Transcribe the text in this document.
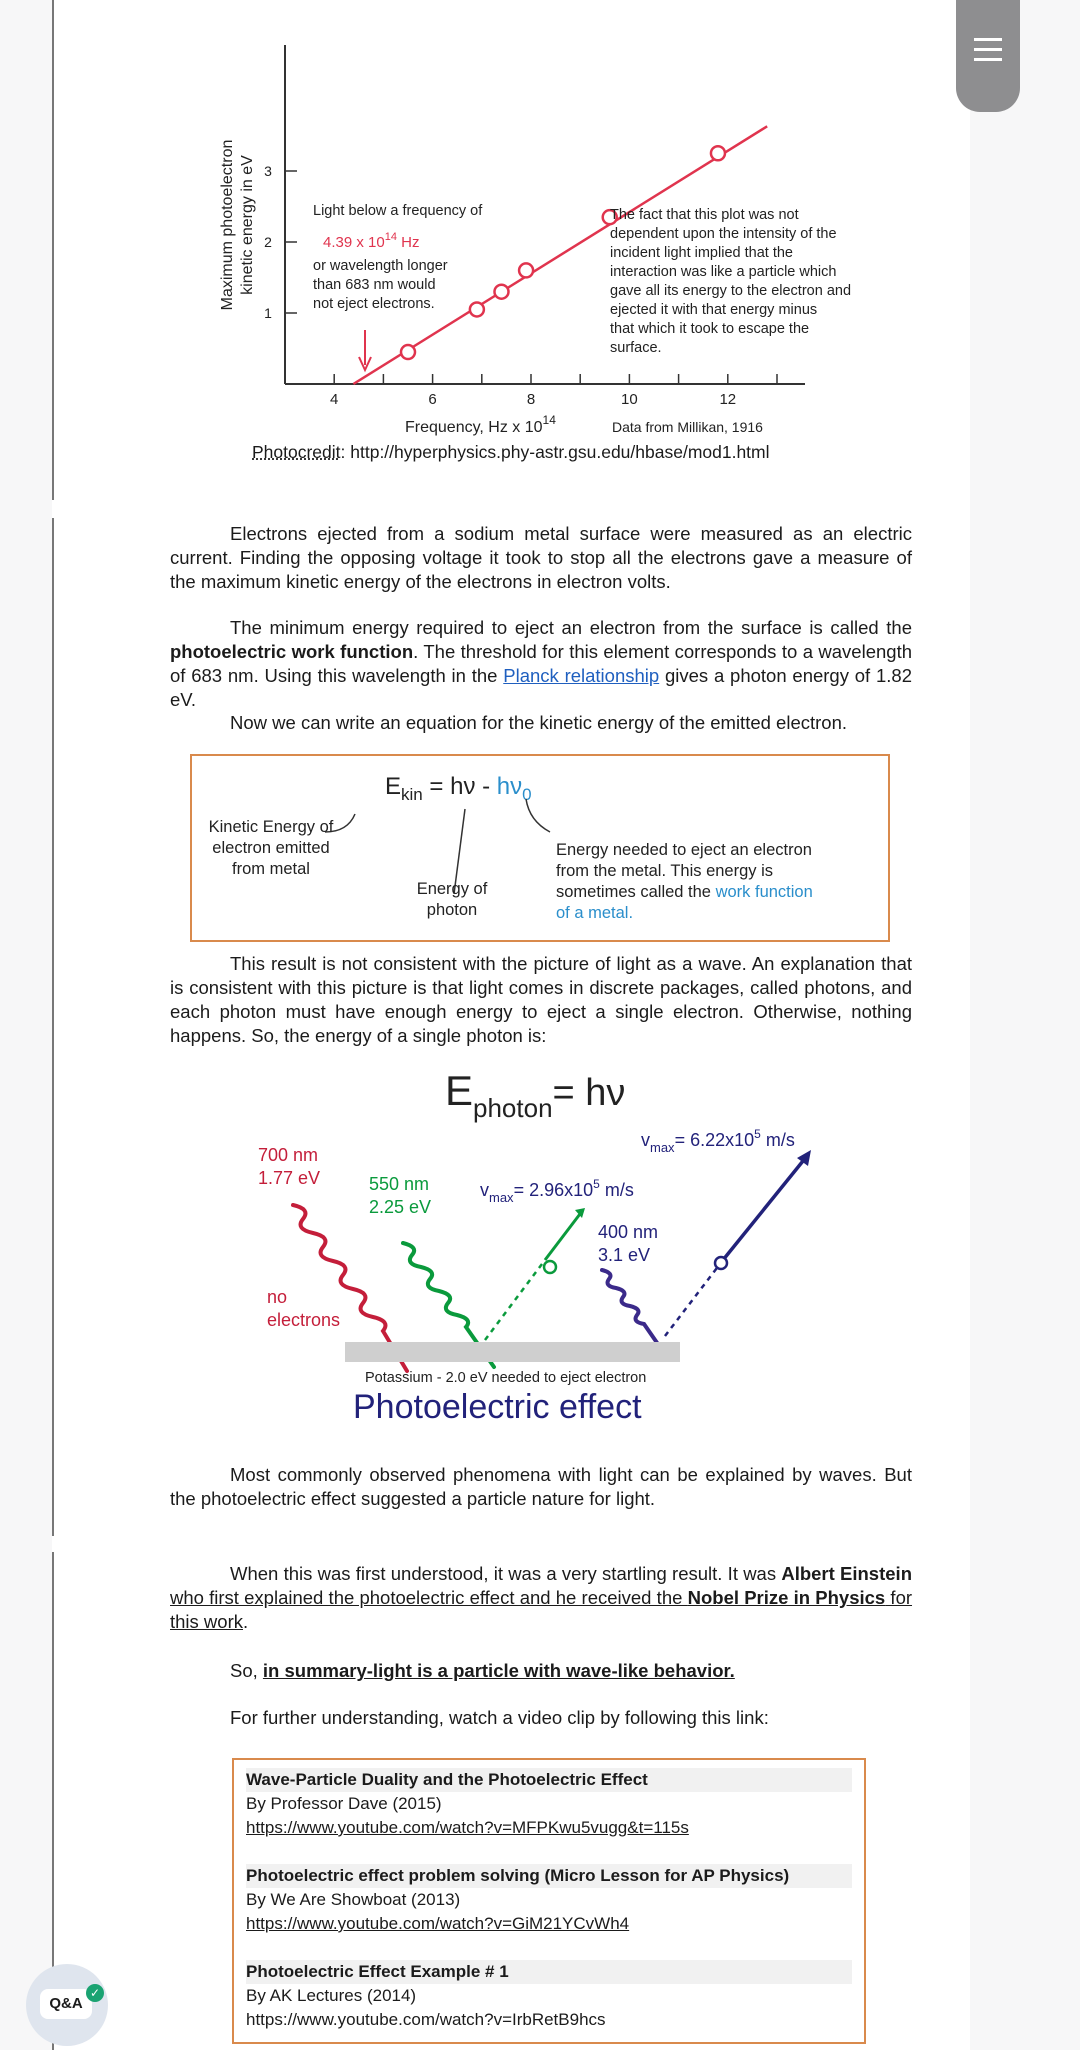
Maximum photoelectron kinetic energy in eV
1
2
3
4	6	8	10	12
Frequency, Hz x $10^{14}$	Data from Millikan, 1916
Light below a frequency of
4.39 x $10^{14}$ Hz
or wavelength longer
than 683 nm would
not eject electrons.
The fact that this plot was not
dependent upon the intensity of the
incident light implied that the
interaction was like a particle which
gave all its energy to the electron and
ejected it with that energy minus
that which it took to escape the
surface.
Photocredit: http://hyperphysics.phy-astr.gsu.edu/hbase/mod1.html
Electrons ejected from a sodium metal surface were measured as an electric current. Finding the opposing voltage it took to stop all the electrons gave a measure of the maximum kinetic energy of the electrons in electron volts.
The minimum energy required to eject an electron from the surface is called the photoelectric work function. The threshold for this element corresponds to a wavelength of 683 nm. Using this wavelength in the Planck relationship gives a photon energy of 1.82 eV.
Now we can write an equation for the kinetic energy of the emitted electron.
$E_{kin} = h\nu - h\nu_0$
Kinetic Energy of
electron emitted
from metal
Energy of
photon
Energy needed to eject an electron
from the metal. This energy is
sometimes called the work function
of a metal.
This result is not consistent with the picture of light as a wave. An explanation that is consistent with this picture is that light comes in discrete packages, called photons, and each photon must have enough energy to eject a single electron. Otherwise, nothing happens. So, the energy of a single photon is:
$E_{photon}= h\nu$
$v_{max}= 6.22x10^5$ m/s
$v_{max}= 2.96x10^5$ m/s
700 nm
1.77 eV	550 nm
2.25 eV
400 nm
3.1 eV
no
electrons
Potassium - 2.0 eV needed to eject electron
Photoelectric effect
Most commonly observed phenomena with light can be explained by waves. But the photoelectric effect suggested a particle nature for light.
When this was first understood, it was a very startling result. It was Albert Einstein who first explained the photoelectric effect and he received the Nobel Prize in Physics for this work.
So, in summary-light is a particle with wave-like behavior.
For further understanding, watch a video clip by following this link:
Wave-Particle Duality and the Photoelectric Effect
By Professor Dave (2015)
https://www.youtube.com/watch?v=MFPKwu5vugg&t=115s
Photoelectric effect problem solving (Micro Lesson for AP Physics)
By We Are Showboat (2013)
https://www.youtube.com/watch?v=GiM21YCvWh4
Photoelectric Effect Example # 1
By AK Lectures (2014)
https://www.youtube.com/watch?v=IrbRetB9hcs
Q&A
✓
